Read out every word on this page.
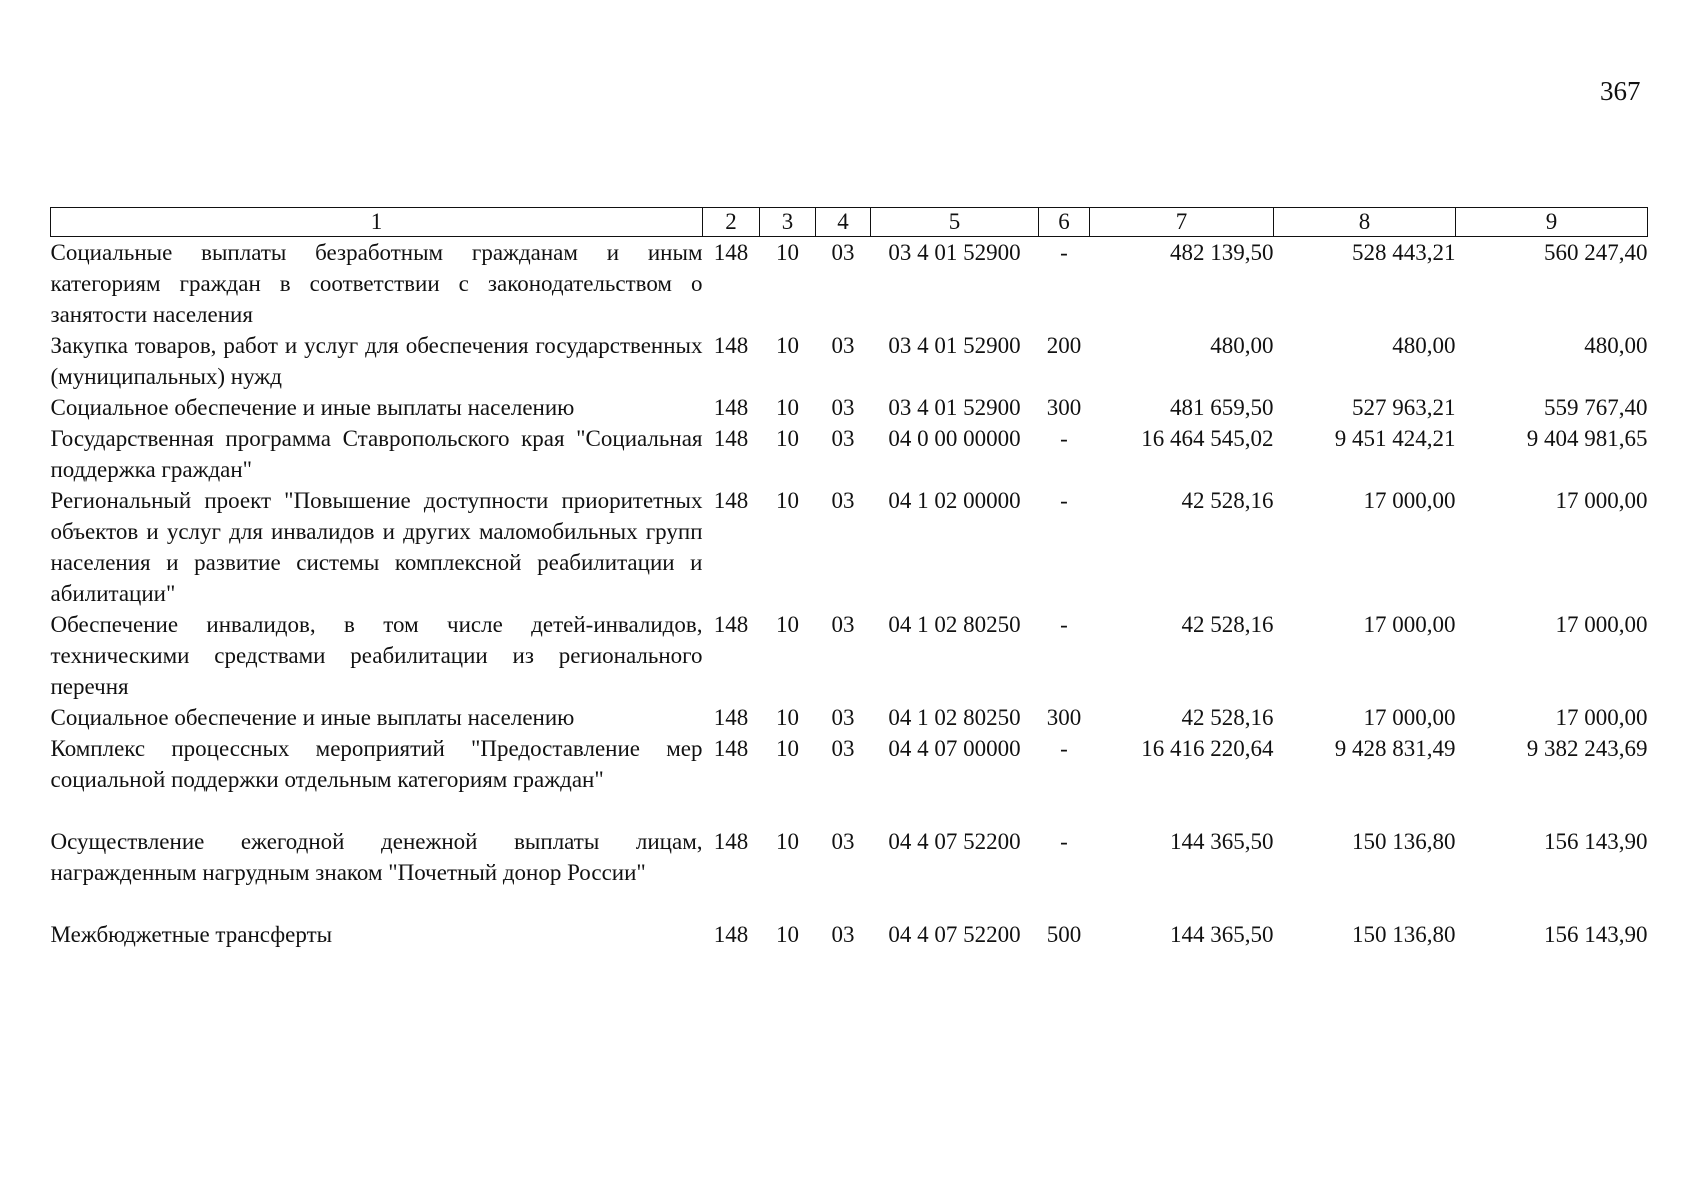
367
1	2	3	4	5	6	7	8	9
Социальные выплаты безработным гражданам и иным категориям граждан в соответствии с законодательством о занятости населения	148	10	03	03 4 01 52900	-	482 139,50	528 443,21	560 247,40
Закупка товаров, работ и услуг для обеспечения государственных (муниципальных) нужд	148	10	03	03 4 01 52900	200	480,00	480,00	480,00
Социальное обеспечение и иные выплаты населению	148	10	03	03 4 01 52900	300	481 659,50	527 963,21	559 767,40
Государственная программа Ставропольского края "Социальная поддержка граждан"	148	10	03	04 0 00 00000	-	16 464 545,02	9 451 424,21	9 404 981,65
Региональный проект "Повышение доступности приоритетных объектов и услуг для инвалидов и других маломобильных групп населения и развитие системы комплексной реабилитации и абилитации"	148	10	03	04 1 02 00000	-	42 528,16	17 000,00	17 000,00
Обеспечение инвалидов, в том числе детей-инвалидов, техническими средствами реабилитации из регионального перечня	148	10	03	04 1 02 80250	-	42 528,16	17 000,00	17 000,00
Социальное обеспечение и иные выплаты населению	148	10	03	04 1 02 80250	300	42 528,16	17 000,00	17 000,00
Комплекс процессных мероприятий "Предоставление мер социальной поддержки отдельным категориям граждан"	148	10	03	04 4 07 00000	-	16 416 220,64	9 428 831,49	9 382 243,69
Осуществление ежегодной денежной выплаты лицам, награжденным нагрудным знаком "Почетный донор России"	148	10	03	04 4 07 52200	-	144 365,50	150 136,80	156 143,90
Межбюджетные трансферты	148	10	03	04 4 07 52200	500	144 365,50	150 136,80	156 143,90
